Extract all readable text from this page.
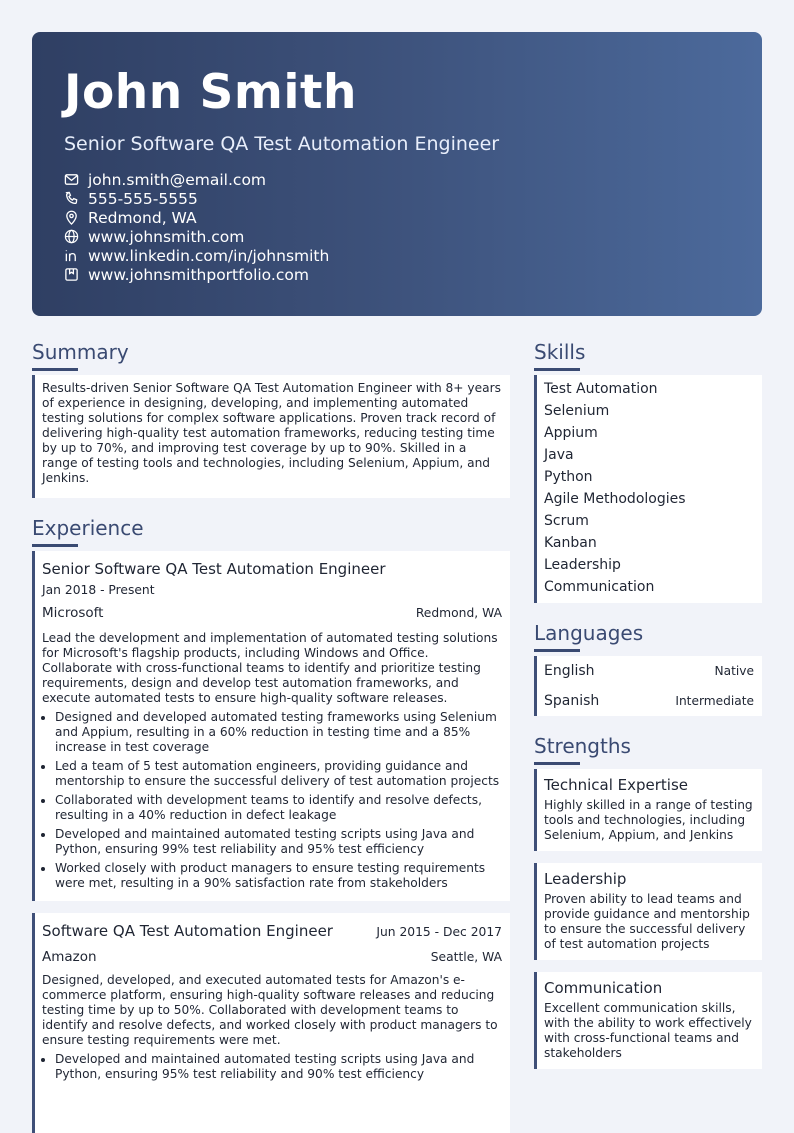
John Smith
Senior Software QA Test Automation Engineer
john.smith@email.com
555-555-5555
Redmond, WA
www.johnsmith.com
www.linkedin.com/in/johnsmith
www.johnsmithportfolio.com
Summary
Results-driven Senior Software QA Test Automation Engineer with 8+ years of experience in designing, developing, and implementing automated testing solutions for complex software applications. Proven track record of delivering high-quality test automation frameworks, reducing testing time by up to 70%, and improving test coverage by up to 90%. Skilled in a range of testing tools and technologies, including Selenium, Appium, and Jenkins.
Experience
Senior Software QA Test Automation Engineer
Jan 2018 - Present
Microsoft	Redmond, WA
Lead the development and implementation of automated testing solutions for Microsoft's flagship products, including Windows and Office. Collaborate with cross-functional teams to identify and prioritize testing requirements, design and develop test automation frameworks, and execute automated tests to ensure high-quality software releases.
• Designed and developed automated testing frameworks using Selenium and Appium, resulting in a 60% reduction in testing time and a 85% increase in test coverage
• Led a team of 5 test automation engineers, providing guidance and mentorship to ensure the successful delivery of test automation projects
• Collaborated with development teams to identify and resolve defects, resulting in a 40% reduction in defect leakage
• Developed and maintained automated testing scripts using Java and Python, ensuring 99% test reliability and 95% test efficiency
• Worked closely with product managers to ensure testing requirements were met, resulting in a 90% satisfaction rate from stakeholders
Software QA Test Automation Engineer	Jun 2015 - Dec 2017
Amazon	Seattle, WA
Designed, developed, and executed automated tests for Amazon's e-commerce platform, ensuring high-quality software releases and reducing testing time by up to 50%. Collaborated with development teams to identify and resolve defects, and worked closely with product managers to ensure testing requirements were met.
• Developed and maintained automated testing scripts using Java and Python, ensuring 95% test reliability and 90% test efficiency
Skills
Test Automation
Selenium
Appium
Java
Python
Agile Methodologies
Scrum
Kanban
Leadership
Communication
Languages
English	Native
Spanish	Intermediate
Strengths
Technical Expertise
Highly skilled in a range of testing tools and technologies, including Selenium, Appium, and Jenkins
Leadership
Proven ability to lead teams and provide guidance and mentorship to ensure the successful delivery of test automation projects
Communication
Excellent communication skills, with the ability to work effectively with cross-functional teams and stakeholders
